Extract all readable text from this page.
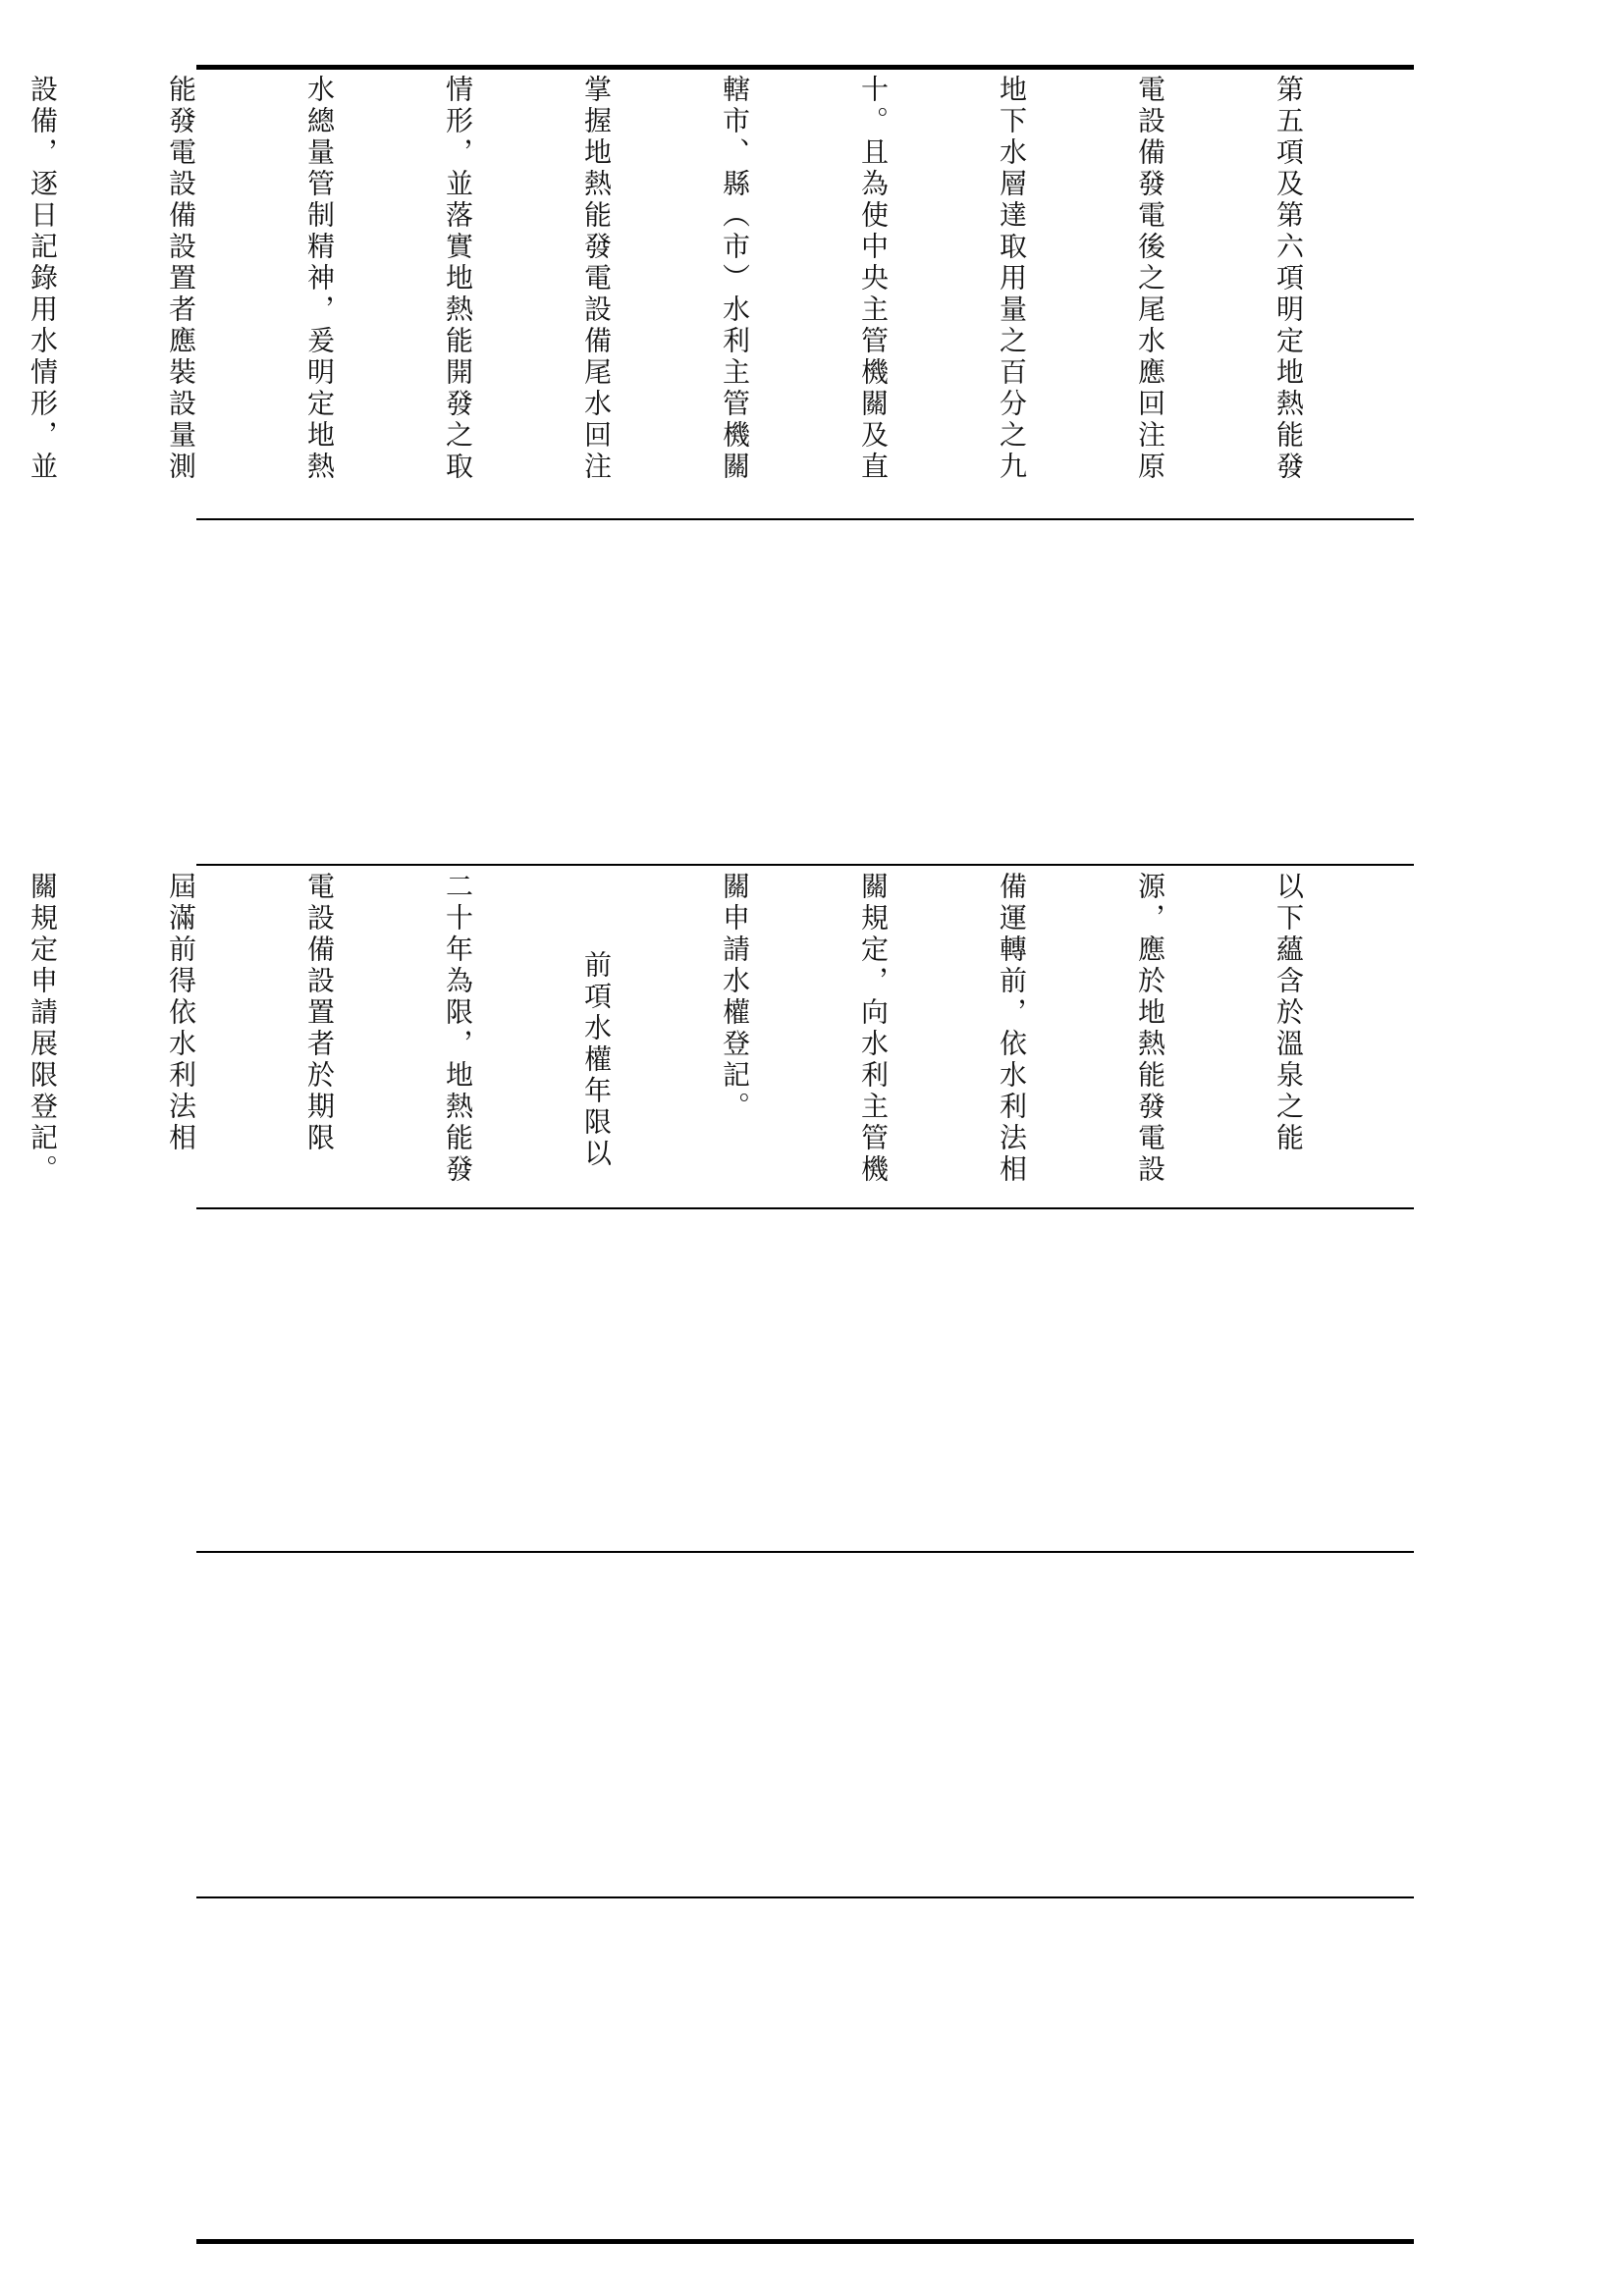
第五項及第六項明定地熱能發

電設備發電後之尾水應回注原

地下水層達取用量之百分之九

十。且為使中央主管機關及直

轄市、縣（市）水利主管機關

掌握地熱能發電設備尾水回注

情形，並落實地熱能開發之取

水總量管制精神，爰明定地熱

能發電設備設置者應裝設量測

設備，逐日記錄用水情形，並

以下蘊含於溫泉之能

源，應於地熱能發電設

備運轉前，依水利法相

關規定，向水利主管機

關申請水權登記。

前項水權年限以

二十年為限，地熱能發

電設備設置者於期限

屆滿前得依水利法相

關規定申請展限登記。
